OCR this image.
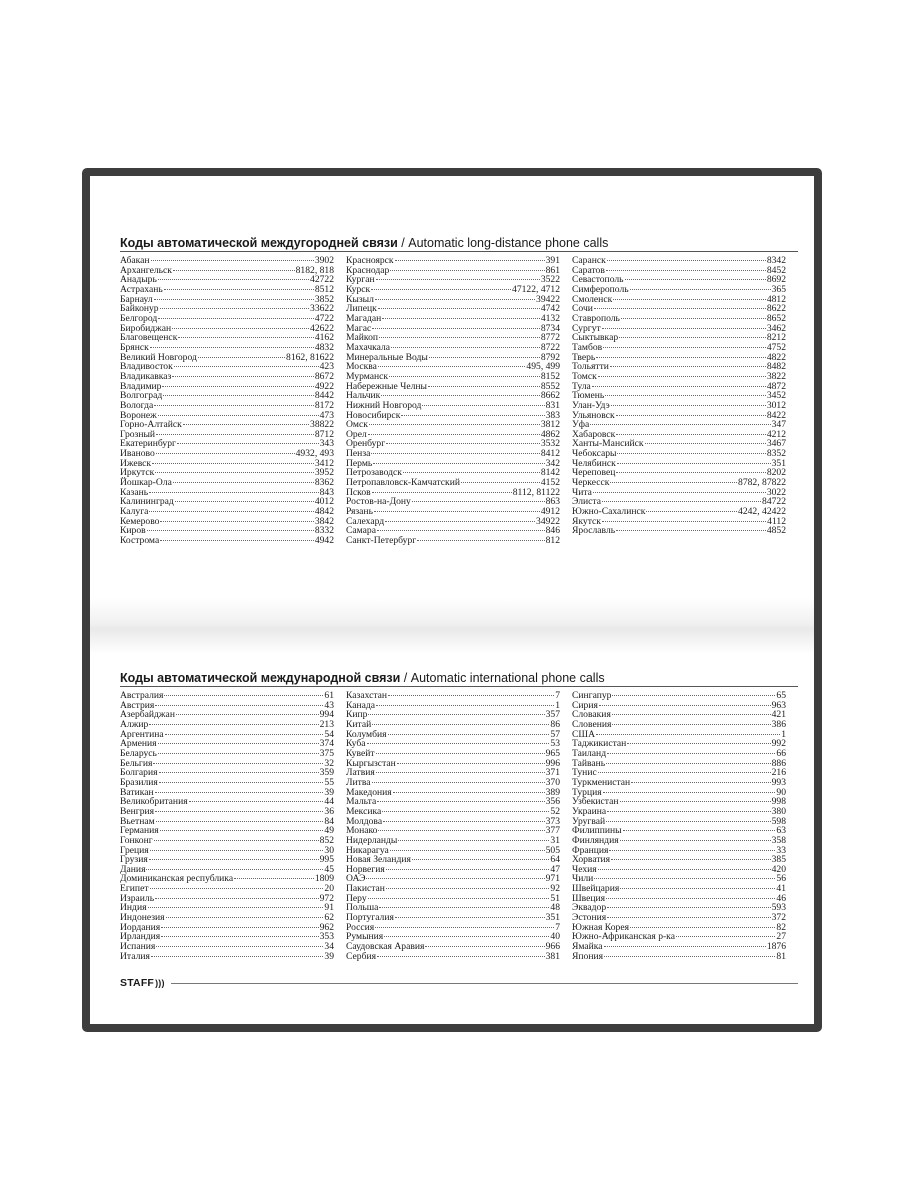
Коды автоматической междугородней связи / Automatic long-distance phone calls
Абакан	3902
Архангельск	8182, 818
Анадырь	42722
Астрахань	8512
Барнаул	3852
Байконур	33622
Белгород	4722
Биробиджан	42622
Благовещенск	4162
Брянск	4832
Великий Новгород	8162, 81622
Владивосток	423
Владикавказ	8672
Владимир	4922
Волгоград	8442
Вологда	8172
Воронеж	473
Горно-Алтайск	38822
Грозный	8712
Екатеринбург	343
Иваново	4932, 493
Ижевск	3412
Иркутск	3952
Йошкар-Ола	8362
Казань	843
Калининград	4012
Калуга	4842
Кемерово	3842
Киров	8332
Кострома	4942
Красноярск	391
Краснодар	861
Курган	3522
Курск	47122, 4712
Кызыл	39422
Липецк	4742
Магадан	4132
Магас	8734
Майкоп	8772
Махачкала	8722
Минеральные Воды	8792
Москва	495, 499
Мурманск	8152
Набережные Челны	8552
Нальчик	8662
Нижний Новгород	831
Новосибирск	383
Омск	3812
Орел	4862
Оренбург	3532
Пенза	8412
Пермь	342
Петрозаводск	8142
Петропавловск-Камчатский	4152
Псков	8112, 81122
Ростов-на-Дону	863
Рязань	4912
Салехард	34922
Самара	846
Санкт-Петербург	812
Саранск	8342
Саратов	8452
Севастополь	8692
Симферополь	365
Смоленск	4812
Сочи	8622
Ставрополь	8652
Сургут	3462
Сыктывкар	8212
Тамбов	4752
Тверь	4822
Тольятти	8482
Томск	3822
Тула	4872
Тюмень	3452
Улан-Удэ	3012
Ульяновск	8422
Уфа	347
Хабаровск	4212
Ханты-Мансийск	3467
Чебоксары	8352
Челябинск	351
Череповец	8202
Черкесск	8782, 87822
Чита	3022
Элиста	84722
Южно-Сахалинск	4242, 42422
Якутск	4112
Ярославль	4852
Коды автоматической международной связи / Automatic international phone calls
Австралия	61
Австрия	43
Азербайджан	994
Алжир	213
Аргентина	54
Армения	374
Беларусь	375
Бельгия	32
Болгария	359
Бразилия	55
Ватикан	39
Великобритания	44
Венгрия	36
Вьетнам	84
Германия	49
Гонконг	852
Греция	30
Грузия	995
Дания	45
Доминиканская республика	1809
Египет	20
Израиль	972
Индия	91
Индонезия	62
Иордания	962
Ирландия	353
Испания	34
Италия	39
Казахстан	7
Канада	1
Кипр	357
Китай	86
Колумбия	57
Куба	53
Кувейт	965
Кыргызстан	996
Латвия	371
Литва	370
Македония	389
Мальта	356
Мексика	52
Молдова	373
Монако	377
Нидерланды	31
Никарагуа	505
Новая Зеландия	64
Норвегия	47
ОАЭ	971
Пакистан	92
Перу	51
Польша	48
Португалия	351
Россия	7
Румыния	40
Саудовская Аравия	966
Сербия	381
Сингапур	65
Сирия	963
Словакия	421
Словения	386
США	1
Таджикистан	992
Таиланд	66
Тайвань	886
Тунис	216
Туркменистан	993
Турция	90
Узбекистан	998
Украина	380
Уругвай	598
Филиппины	63
Финляндия	358
Франция	33
Хорватия	385
Чехия	420
Чили	56
Швейцария	41
Швеция	46
Эквадор	593
Эстония	372
Южная Корея	82
Южно-Африканская р-ка	27
Ямайка	1876
Япония	81
STAFF)))
